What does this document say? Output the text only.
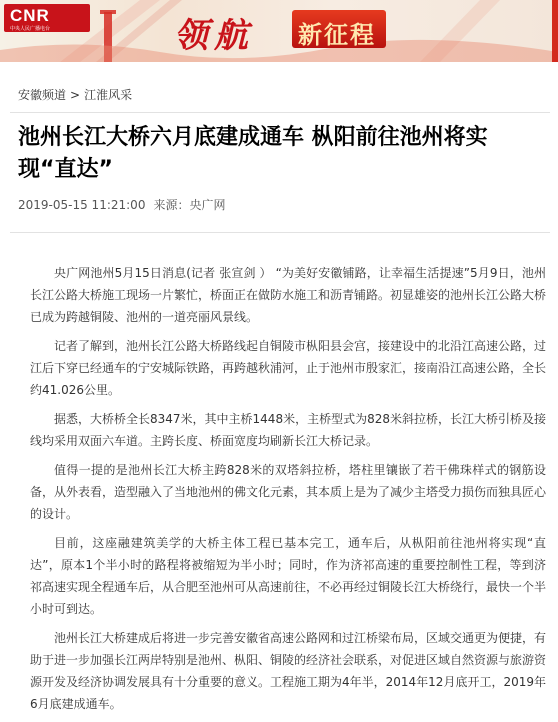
CNR
中央人民广播电台	领航 新征程
安徽频道 > 江淮风采
池州长江大桥六月底建成通车 枞阳前往池州将实现“直达”
2019-05-15 11:21:00 来源：央广网

央广网池州5月15日消息(记者 张宣剑 ） “为美好安徽铺路，让幸福生活提速”5月9日，池州长江公路大桥施工现场一片繁忙，桥面正在做防水施工和沥青铺路。初显雄姿的池州长江公路大桥已成为跨越铜陵、池州的一道亮丽风景线。

记者了解到，池州长江公路大桥路线起自铜陵市枞阳县会宫，接建设中的北沿江高速公路，过江后下穿已经通车的宁安城际铁路，再跨越秋浦河，止于池州市殷家汇，接南沿江高速公路，全长约41.026公里。

据悉，大桥桥全长8347米，其中主桥1448米，主桥型式为828米斜拉桥，长江大桥引桥及接线均采用双面六车道。主跨长度、桥面宽度均刷新长江大桥记录。

值得一提的是池州长江大桥主跨828米的双塔斜拉桥，塔柱里镶嵌了若干佛珠样式的钢筋设备，从外表看，造型融入了当地池州的佛文化元素，其本质上是为了减少主塔受力损伤而独具匠心的设计。

目前，这座融建筑美学的大桥主体工程已基本完工，通车后，从枞阳前往池州将实现“直达”，原本1个半小时的路程将被缩短为半小时；同时，作为济祁高速的重要控制性工程，等到济祁高速实现全程通车后，从合肥至池州可从高速前往，不必再经过铜陵长江大桥绕行，最快一个半小时可到达。

池州长江大桥建成后将进一步完善安徽省高速公路网和过江桥梁布局，区域交通更为便捷，有助于进一步加强长江两岸特别是池州、枞阳、铜陵的经济社会联系，对促进区域自然资源与旅游资源开发及经济协调发展具有十分重要的意义。工程施工期为4年半，2014年12月底开工，2019年6月底建成通车。
